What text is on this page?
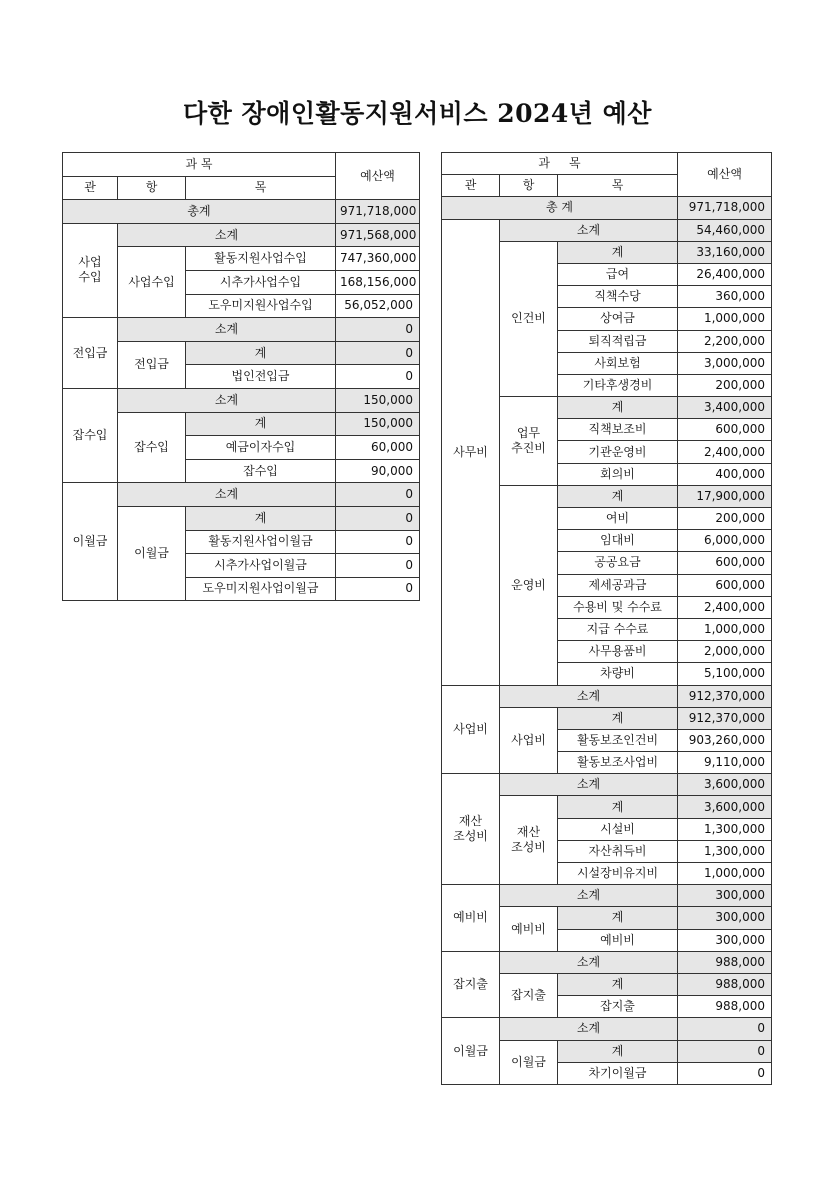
다한 장애인활동지원서비스 2024년 예산
과 목			예산액
관	항	목	
총계			971,718,000
사업
수입	소계		971,568,000
	사업수입	활동지원사업수입	747,360,000
		시추가사업수입	168,156,000
		도우미지원사업수입	56,052,000
전입금	소계		0
	전입금	계	0
		법인전입금	0
잡수입	소계		150,000
	잡수입	계	150,000
		예금이자수입	60,000
		잡수입	90,000
이월금	소계		0
	이월금	계	0
		활동지원사업이월금	0
		시추가사업이월금	0
		도우미지원사업이월금	0
과     목			예산액
관	항	목	
총 계			971,718,000
사무비	소계		54,460,000
	인건비	계	33,160,000
		급여	26,400,000
		직책수당	360,000
		상여금	1,000,000
		퇴직적립금	2,200,000
		사회보험	3,000,000
		기타후생경비	200,000
	업무
추진비	계	3,400,000
		직책보조비	600,000
		기관운영비	2,400,000
		회의비	400,000
	운영비	계	17,900,000
		여비	200,000
		임대비	6,000,000
		공공요금	600,000
		제세공과금	600,000
		수용비 및 수수료	2,400,000
		지급 수수료	1,000,000
		사무용품비	2,000,000
		차량비	5,100,000
사업비	소계		912,370,000
	사업비	계	912,370,000
		활동보조인건비	903,260,000
		활동보조사업비	9,110,000
재산
조성비	소계		3,600,000
	재산
조성비	계	3,600,000
		시설비	1,300,000
		자산취득비	1,300,000
		시설장비유지비	1,000,000
예비비	소계		300,000
	예비비	계	300,000
		예비비	300,000
잡지출	소계		988,000
	잡지출	계	988,000
		잡지출	988,000
이월금	소계		0
	이월금	계	0
		차기이월금	0
